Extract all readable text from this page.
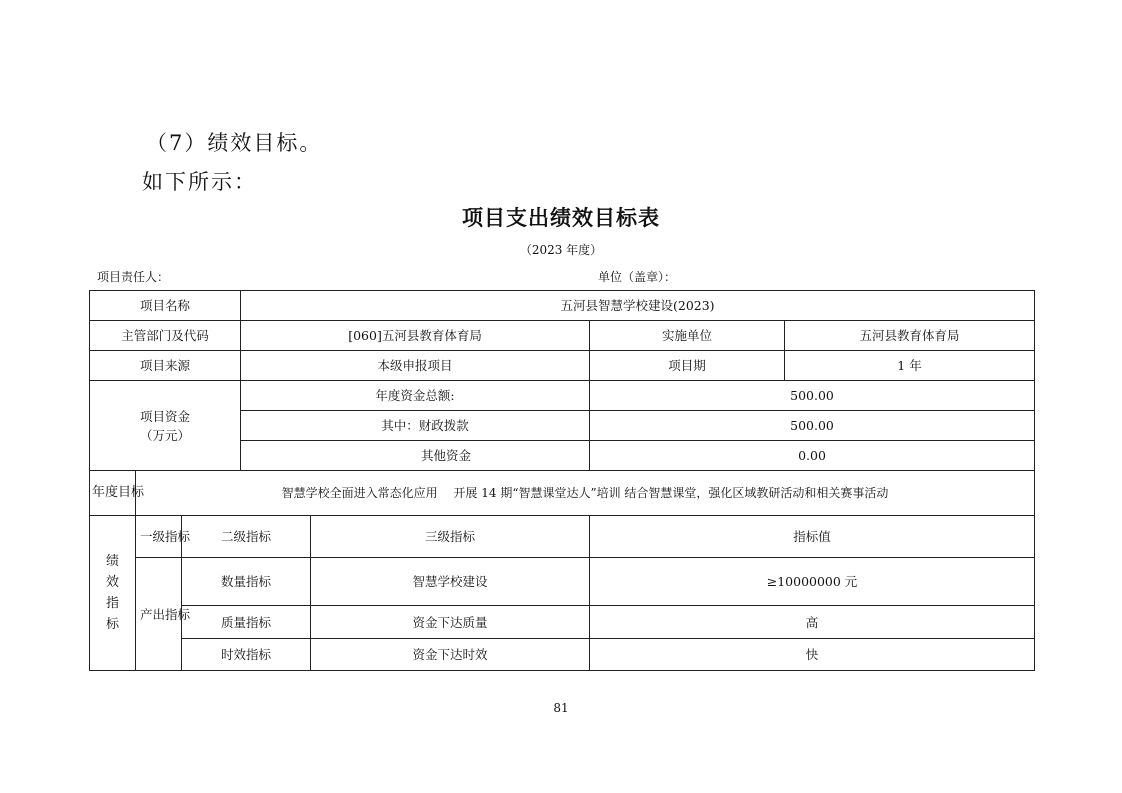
（7）绩效目标。
如下所示：
项目支出绩效目标表
（2023 年度）
项目责任人：	单位（盖章）：
项目名称			五河县智慧学校建设(2023)			
主管部门及代码			[060]五河县教育体育局		实施单位	五河县教育体育局
项目来源			本级申报项目		项目期	1 年

项目资金
（万元）			年度资金总额:		500.00	
			其中：财政拨款		500.00	
			其他资金		0.00	
年度目标	智慧学校全面进入常态化应用　 开展 14 期“智慧课堂达人”培训 结合智慧课堂，强化区域教研活动和相关赛事活动					
绩效指标	一级指标	二级指标		三级指标	指标值	
	产出指标	数量指标		智慧学校建设	≥10000000 元	
		质量指标		资金下达质量	高	
		时效指标		资金下达时效	快	
81
